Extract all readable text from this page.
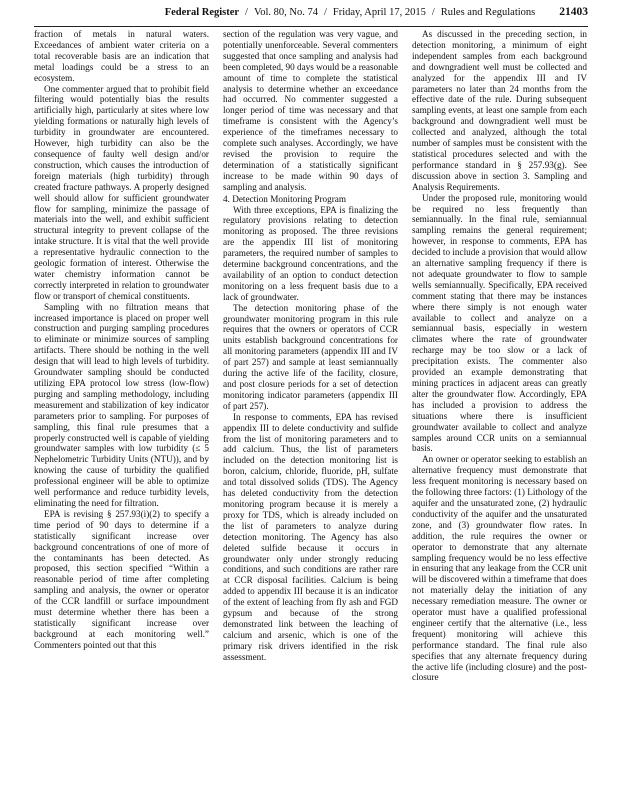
Federal Register / Vol. 80, No. 74 / Friday, April 17, 2015 / Rules and Regulations 21403

fraction of metals in natural waters. Exceedances of ambient water criteria on a total recoverable basis are an indication that metal loadings could be a stress to an ecosystem.

One commenter argued that to prohibit field filtering would potentially bias the results artificially high, particularly at sites where low yielding formations or naturally high levels of turbidity in groundwater are encountered. However, high turbidity can also be the consequence of faulty well design and/or construction, which causes the introduction of foreign materials (high turbidity) through created fracture pathways. A properly designed well should allow for sufficient groundwater flow for sampling, minimize the passage of materials into the well, and exhibit sufficient structural integrity to prevent collapse of the intake structure. It is vital that the well provide a representative hydraulic connection to the geologic formation of interest. Otherwise the water chemistry information cannot be correctly interpreted in relation to groundwater flow or transport of chemical constituents.

Sampling with no filtration means that increased importance is placed on proper well construction and purging sampling procedures to eliminate or minimize sources of sampling artifacts. There should be nothing in the well design that will lead to high levels of turbidity. Groundwater sampling should be conducted utilizing EPA protocol low stress (low-flow) purging and sampling methodology, including measurement and stabilization of key indicator parameters prior to sampling. For purposes of sampling, this final rule presumes that a properly constructed well is capable of yielding groundwater samples with low turbidity (≤ 5 Nephelometric Turbidity Units (NTU)), and by knowing the cause of turbidity the qualified professional engineer will be able to optimize well performance and reduce turbidity levels, eliminating the need for filtration.

EPA is revising § 257.93(i)(2) to specify a time period of 90 days to determine if a statistically significant increase over background concentrations of one of more of the contaminants has been detected. As proposed, this section specified “Within a reasonable period of time after completing sampling and analysis, the owner or operator of the CCR landfill or surface impoundment must determine whether there has been a statistically significant increase over background at each monitoring well.” Commenters pointed out that this

section of the regulation was very vague, and potentially unenforceable. Several commenters suggested that once sampling and analysis had been completed, 90 days would be a reasonable amount of time to complete the statistical analysis to determine whether an exceedance had occurred. No commenter suggested a longer period of time was necessary and that timeframe is consistent with the Agency’s experience of the timeframes necessary to complete such analyses. Accordingly, we have revised the provision to require the determination of a statistically significant increase to be made within 90 days of sampling and analysis.

4. Detection Monitoring Program

With three exceptions, EPA is finalizing the regulatory provisions relating to detection monitoring as proposed. The three revisions are the appendix III list of monitoring parameters, the required number of samples to determine background concentrations, and the availability of an option to conduct detection monitoring on a less frequent basis due to a lack of groundwater.

The detection monitoring phase of the groundwater monitoring program in this rule requires that the owners or operators of CCR units establish background concentrations for all monitoring parameters (appendix III and IV of part 257) and sample at least semiannually during the active life of the facility, closure, and post closure periods for a set of detection monitoring indicator parameters (appendix III of part 257).

In response to comments, EPA has revised appendix III to delete conductivity and sulfide from the list of monitoring parameters and to add calcium. Thus, the list of parameters included on the detection monitoring list is boron, calcium, chloride, fluoride, pH, sulfate and total dissolved solids (TDS). The Agency has deleted conductivity from the detection monitoring program because it is merely a proxy for TDS, which is already included on the list of parameters to analyze during detection monitoring. The Agency has also deleted sulfide because it occurs in groundwater only under strongly reducing conditions, and such conditions are rather rare at CCR disposal facilities. Calcium is being added to appendix III because it is an indicator of the extent of leaching from fly ash and FGD gypsum and because of the strong demonstrated link between the leaching of calcium and arsenic, which is one of the primary risk drivers identified in the risk assessment.

As discussed in the preceding section, in detection monitoring, a minimum of eight independent samples from each background and downgradient well must be collected and analyzed for the appendix III and IV parameters no later than 24 months from the effective date of the rule. During subsequent sampling events, at least one sample from each background and downgradient well must be collected and analyzed, although the total number of samples must be consistent with the statistical procedures selected and with the performance standard in § 257.93(g). See discussion above in section 3. Sampling and Analysis Requirements.

Under the proposed rule, monitoring would be required no less frequently than semiannually. In the final rule, semiannual sampling remains the general requirement; however, in response to comments, EPA has decided to include a provision that would allow an alternative sampling frequency if there is not adequate groundwater to flow to sample wells semiannually. Specifically, EPA received comment stating that there may be instances where there simply is not enough water available to collect and analyze on a semiannual basis, especially in western climates where the rate of groundwater recharge may be too slow or a lack of precipitation exists. The commenter also provided an example demonstrating that mining practices in adjacent areas can greatly alter the groundwater flow. Accordingly, EPA has included a provision to address the situations where there is insufficient groundwater available to collect and analyze samples around CCR units on a semiannual basis.

An owner or operator seeking to establish an alternative frequency must demonstrate that less frequent monitoring is necessary based on the following three factors: (1) Lithology of the aquifer and the unsaturated zone, (2) hydraulic conductivity of the aquifer and the unsaturated zone, and (3) groundwater flow rates. In addition, the rule requires the owner or operator to demonstrate that any alternate sampling frequency would be no less effective in ensuring that any leakage from the CCR unit will be discovered within a timeframe that does not materially delay the initiation of any necessary remediation measure. The owner or operator must have a qualified professional engineer certify that the alternative (i.e., less frequent) monitoring will achieve this performance standard. The final rule also specifies that any alternate frequency during the active life (including closure) and the post-closure
